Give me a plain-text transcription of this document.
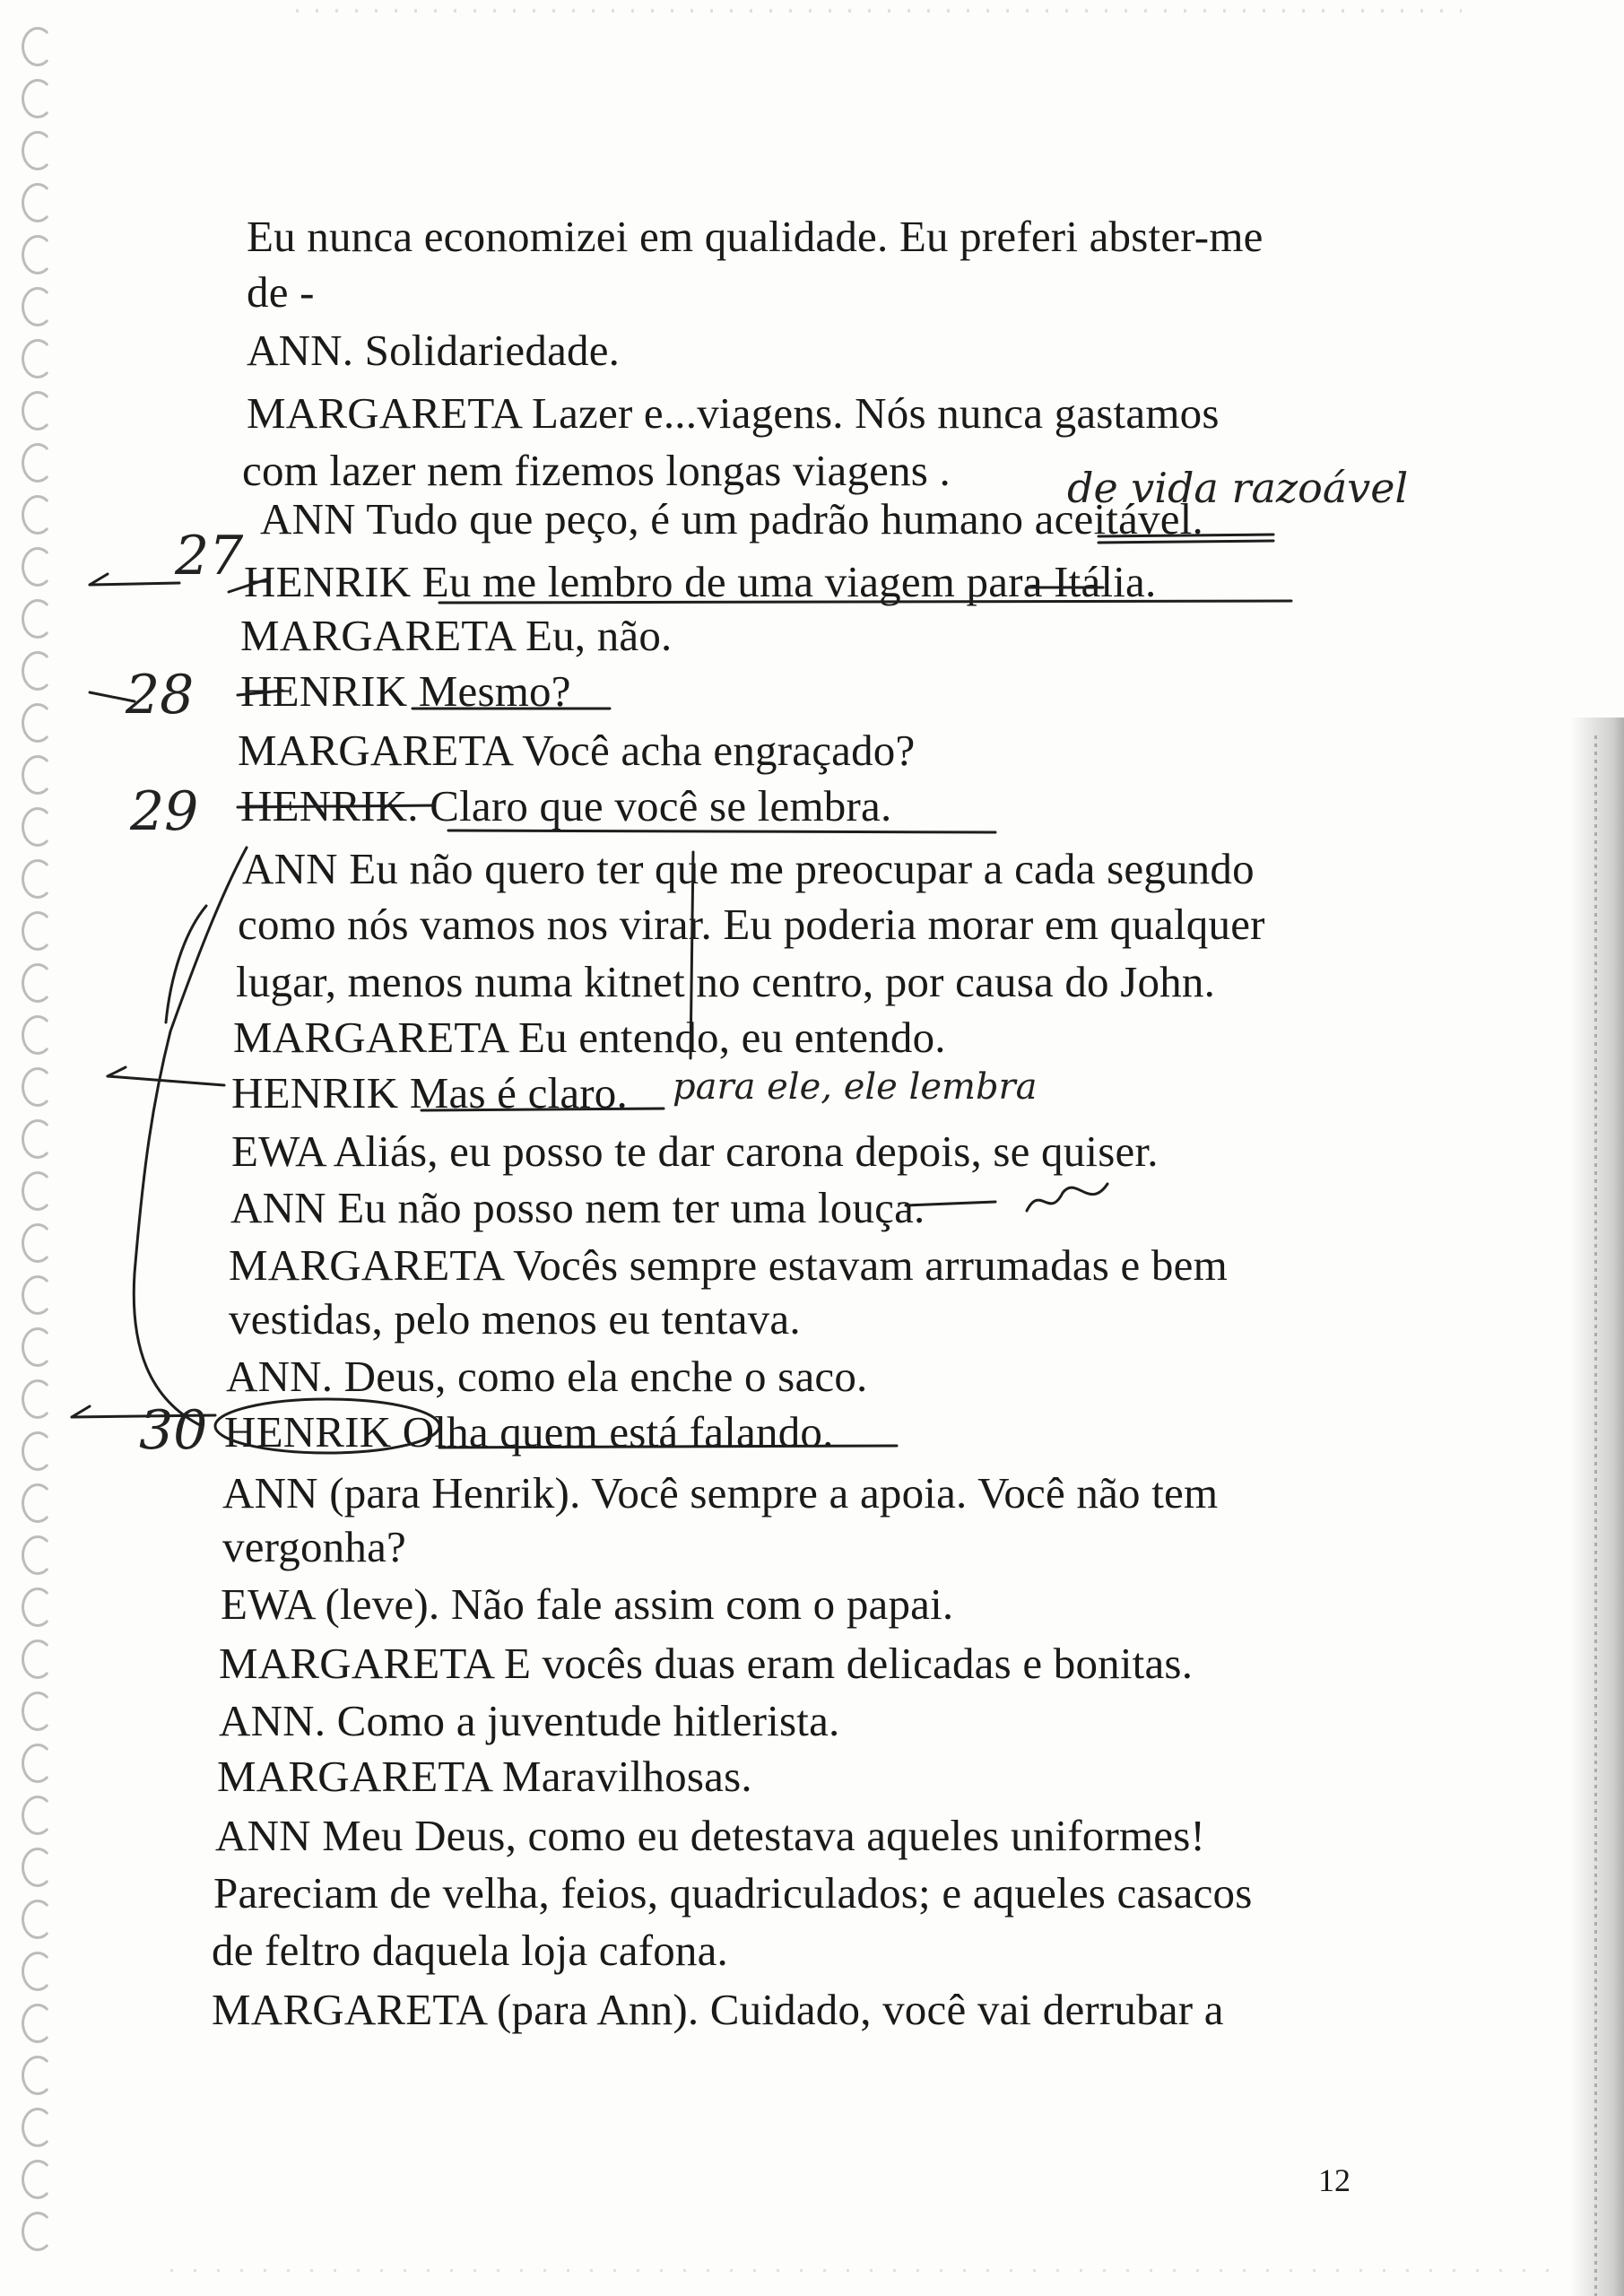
Eu nunca economizei em qualidade. Eu preferi abster-me
de -
ANN. Solidariedade.
MARGARETA Lazer e...viagens. Nós nunca gastamos
com lazer nem fizemos longas viagens .
ANN Tudo que peço, é um padrão humano aceitável.
HENRIK Eu me lembro de uma viagem para Itália.
MARGARETA Eu, não.
HENRIK Mesmo?
MARGARETA Você acha engraçado?
HENRIK. Claro que você se lembra.
ANN Eu não quero ter que me preocupar a cada segundo
como nós vamos nos virar. Eu poderia morar em qualquer
lugar, menos numa kitnet no centro, por causa do John.
MARGARETA Eu entendo, eu entendo.
HENRIK Mas é claro.
EWA Aliás, eu posso te dar carona depois, se quiser.
ANN Eu não posso nem ter uma louça.
MARGARETA Vocês sempre estavam arrumadas e bem
vestidas, pelo menos eu tentava.
ANN. Deus, como ela enche o saco.
HENRIK Olha quem está falando.
ANN (para Henrik). Você sempre a apoia. Você não tem
vergonha?
EWA (leve). Não fale assim com o papai.
MARGARETA E vocês duas eram delicadas e bonitas.
ANN. Como a juventude hitlerista.
MARGARETA Maravilhosas.
ANN Meu Deus, como eu detestava aqueles uniformes!
Pareciam de velha, feios, quadriculados; e aqueles casacos
de feltro daquela loja cafona.
MARGARETA (para Ann). Cuidado, você vai derrubar a
12
27
28
29
30
de vida razoável
para ele, ele lembra
